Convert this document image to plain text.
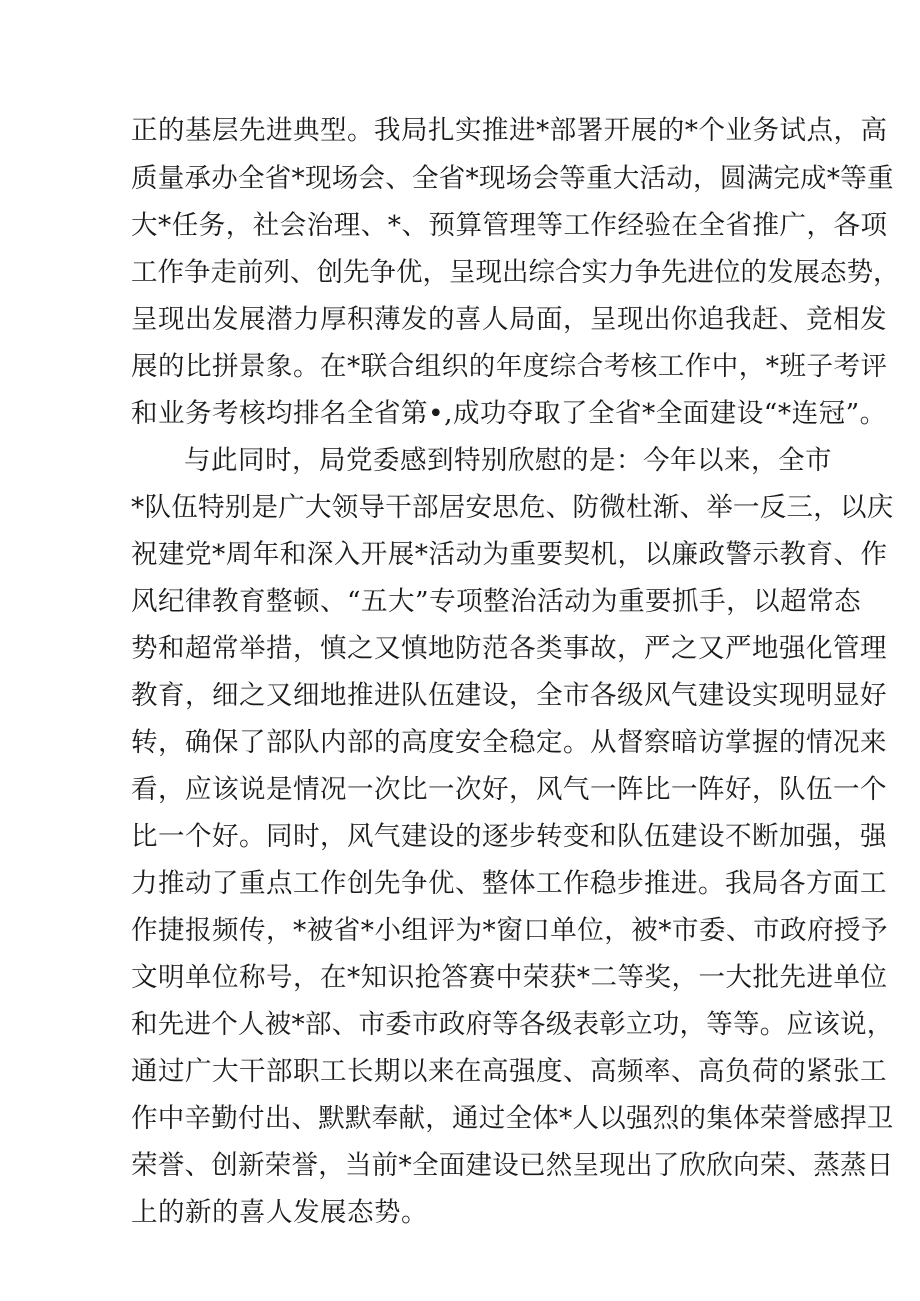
正的基层先进典型。我局扎实推进*部署开展的*个业务试点，高
质量承办全省*现场会、全省*现场会等重大活动，圆满完成*等重
大*任务，社会治理、*、预算管理等工作经验在全省推广，各项
工作争走前列、创先争优，呈现出综合实力争先进位的发展态势，
呈现出发展潜力厚积薄发的喜人局面，呈现出你追我赶、竞相发
展的比拼景象。在*联合组织的年度综合考核工作中，*班子考评
和业务考核均排名全省第•,成功夺取了全省*全面建设“*连冠”。
与此同时，局党委感到特别欣慰的是：今年以来，全市
*队伍特别是广大领导干部居安思危、防微杜渐、举一反三，以庆
祝建党*周年和深入开展*活动为重要契机，以廉政警示教育、作
风纪律教育整顿、“五大”专项整治活动为重要抓手，以超常态
势和超常举措，慎之又慎地防范各类事故，严之又严地强化管理
教育，细之又细地推进队伍建设，全市各级风气建设实现明显好
转，确保了部队内部的高度安全稳定。从督察暗访掌握的情况来
看，应该说是情况一次比一次好，风气一阵比一阵好，队伍一个
比一个好。同时，风气建设的逐步转变和队伍建设不断加强，强
力推动了重点工作创先争优、整体工作稳步推进。我局各方面工
作捷报频传，*被省*小组评为*窗口单位，被*市委、市政府授予
文明单位称号，在*知识抢答赛中荣获*二等奖，一大批先进单位
和先进个人被*部、市委市政府等各级表彰立功，等等。应该说，
通过广大干部职工长期以来在高强度、高频率、高负荷的紧张工
作中辛勤付出、默默奉献，通过全体*人以强烈的集体荣誉感捍卫
荣誉、创新荣誉，当前*全面建设已然呈现出了欣欣向荣、蒸蒸日
上的新的喜人发展态势。
